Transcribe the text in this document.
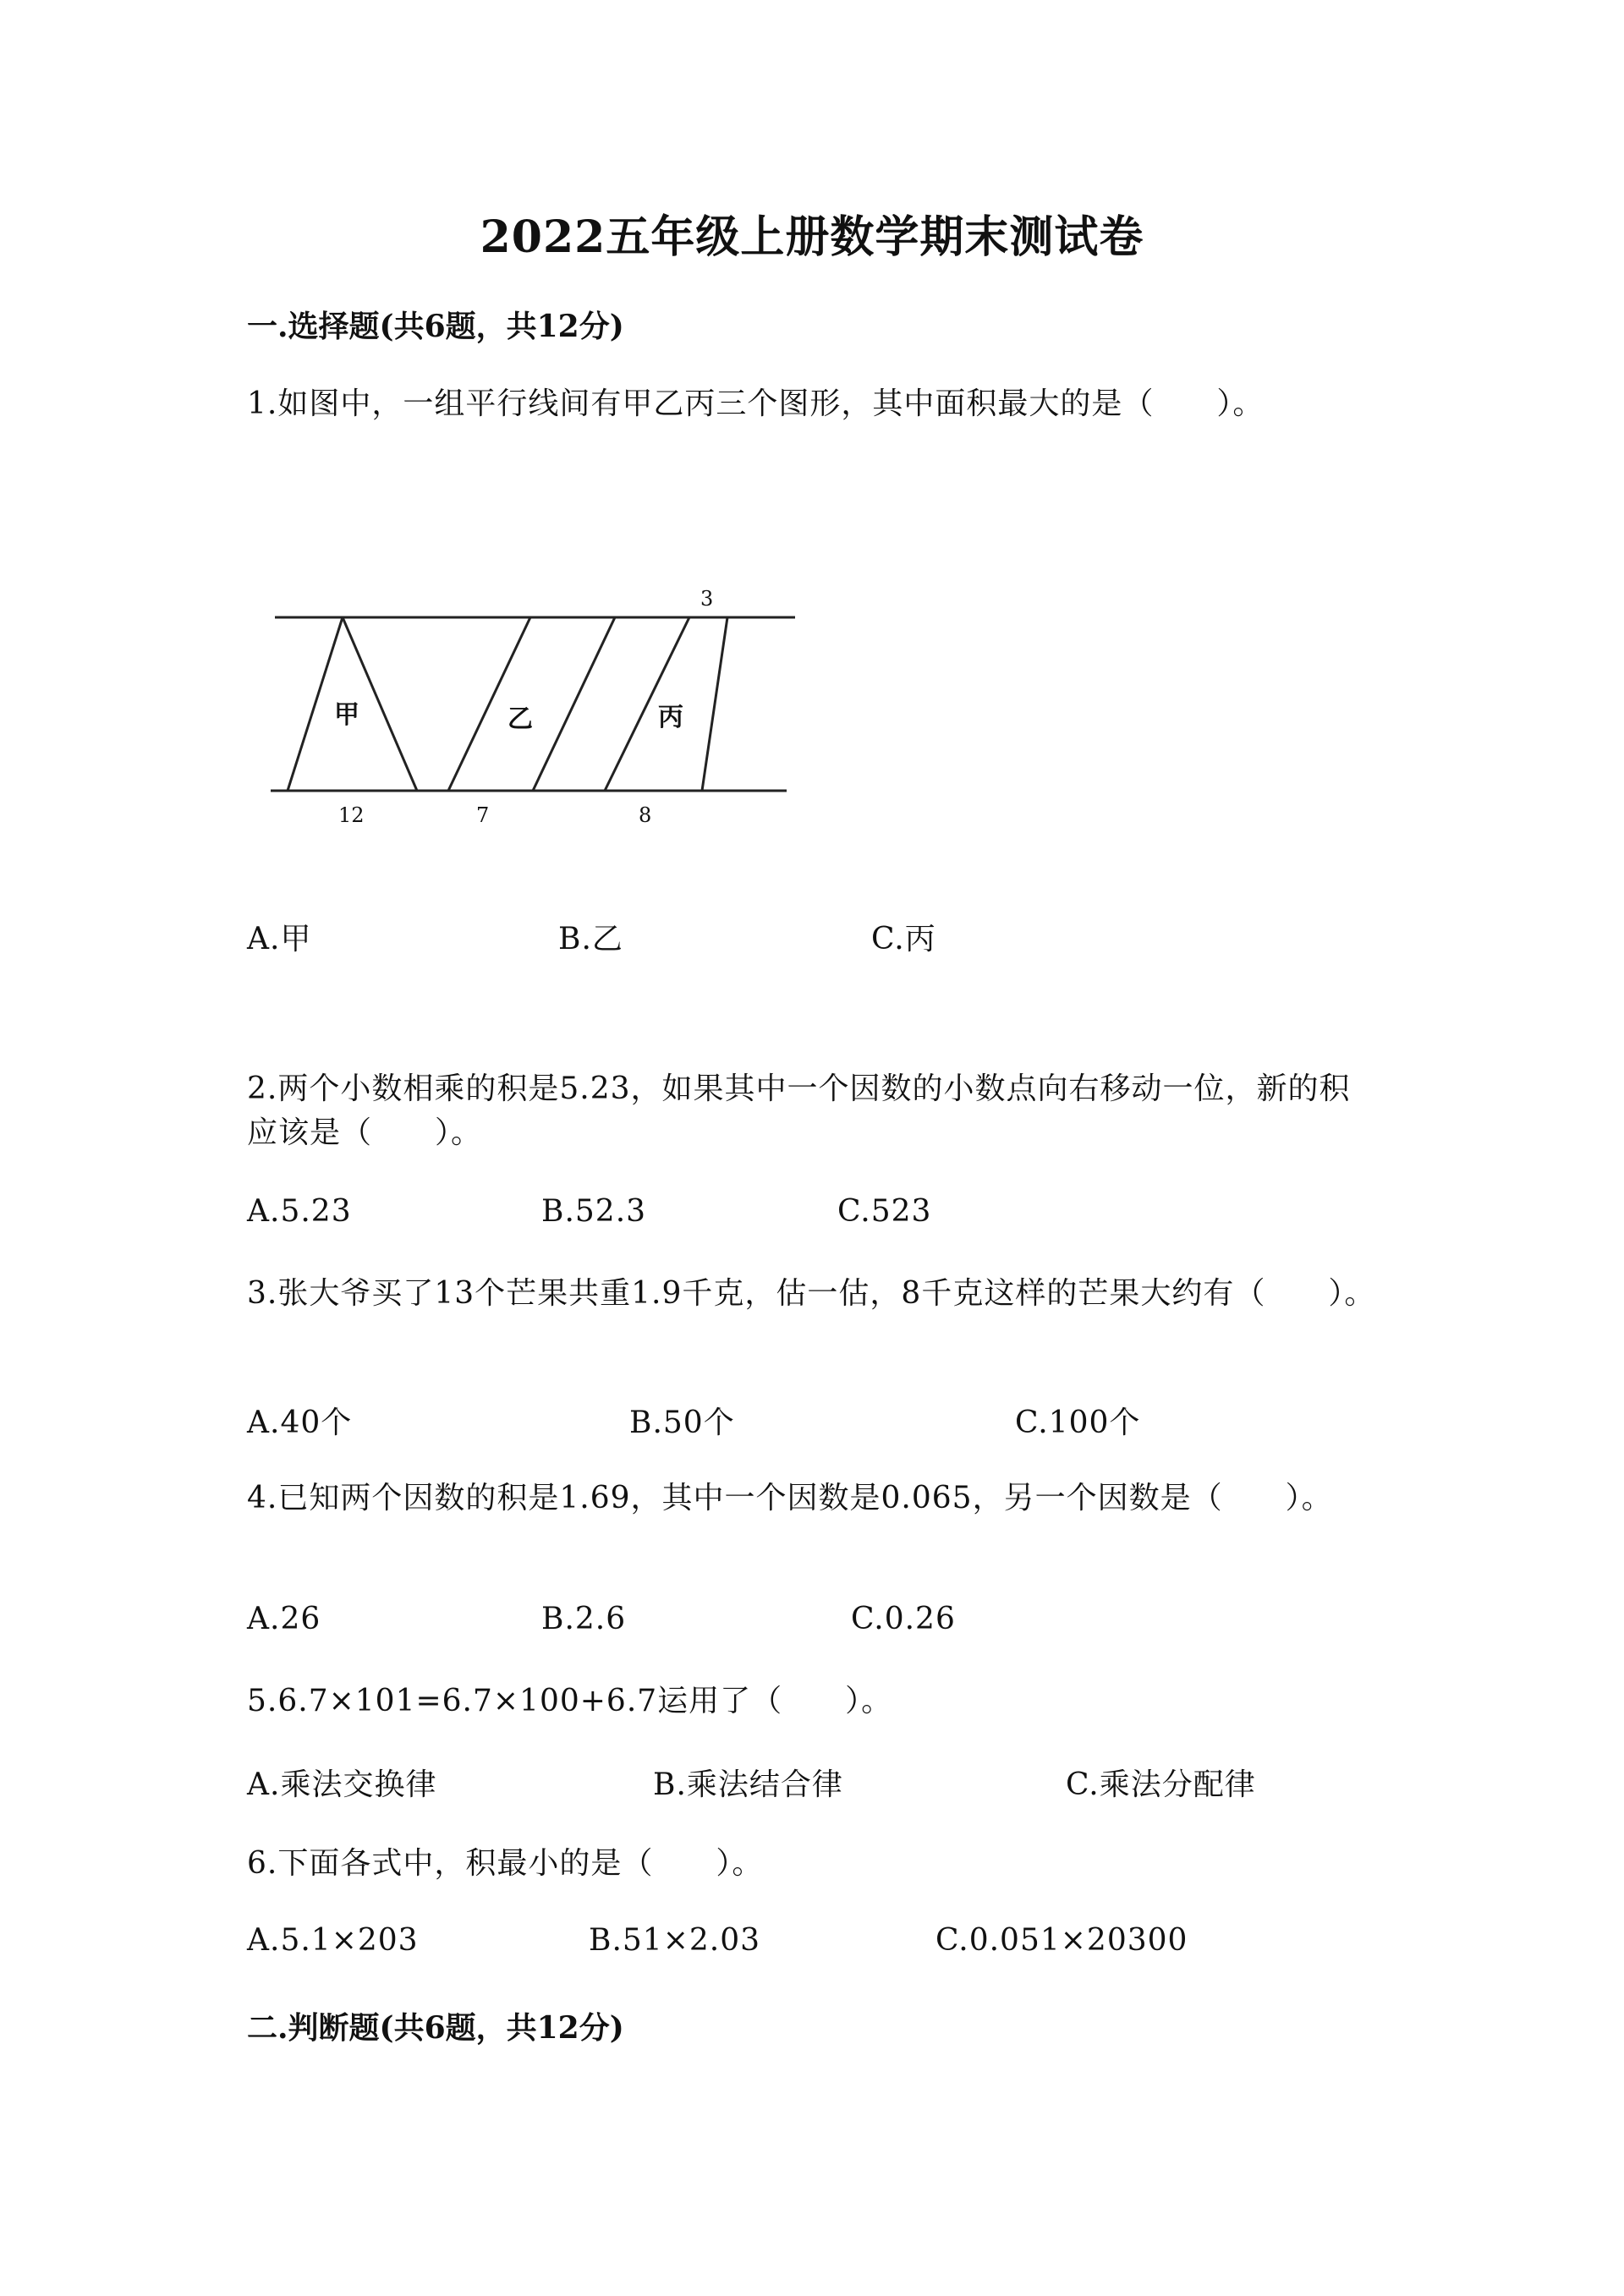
2022五年级上册数学期末测试卷
一.选择题(共6题，共12分)
1.如图中，一组平行线间有甲乙丙三个图形，其中面积最大的是（　　）。
甲	乙	丙
3
12	7	8
A.甲	B.乙	C.丙
2.两个小数相乘的积是5.23，如果其中一个因数的小数点向右移动一位，新的积应该是（　　）。
A.5.23	B.52.3	C.523
3.张大爷买了13个芒果共重1.9千克，估一估，8千克这样的芒果大约有（　　）。
A.40个	B.50个	C.100个
4.已知两个因数的积是1.69，其中一个因数是0.065，另一个因数是（　　）。
A.26	B.2.6	C.0.26
5.6.7×101=6.7×100+6.7运用了（　　）。
A.乘法交换律	B.乘法结合律	C.乘法分配律
6.下面各式中，积最小的是（　　）。
A.5.1×203	B.51×2.03	C.0.051×20300
二.判断题(共6题，共12分)
